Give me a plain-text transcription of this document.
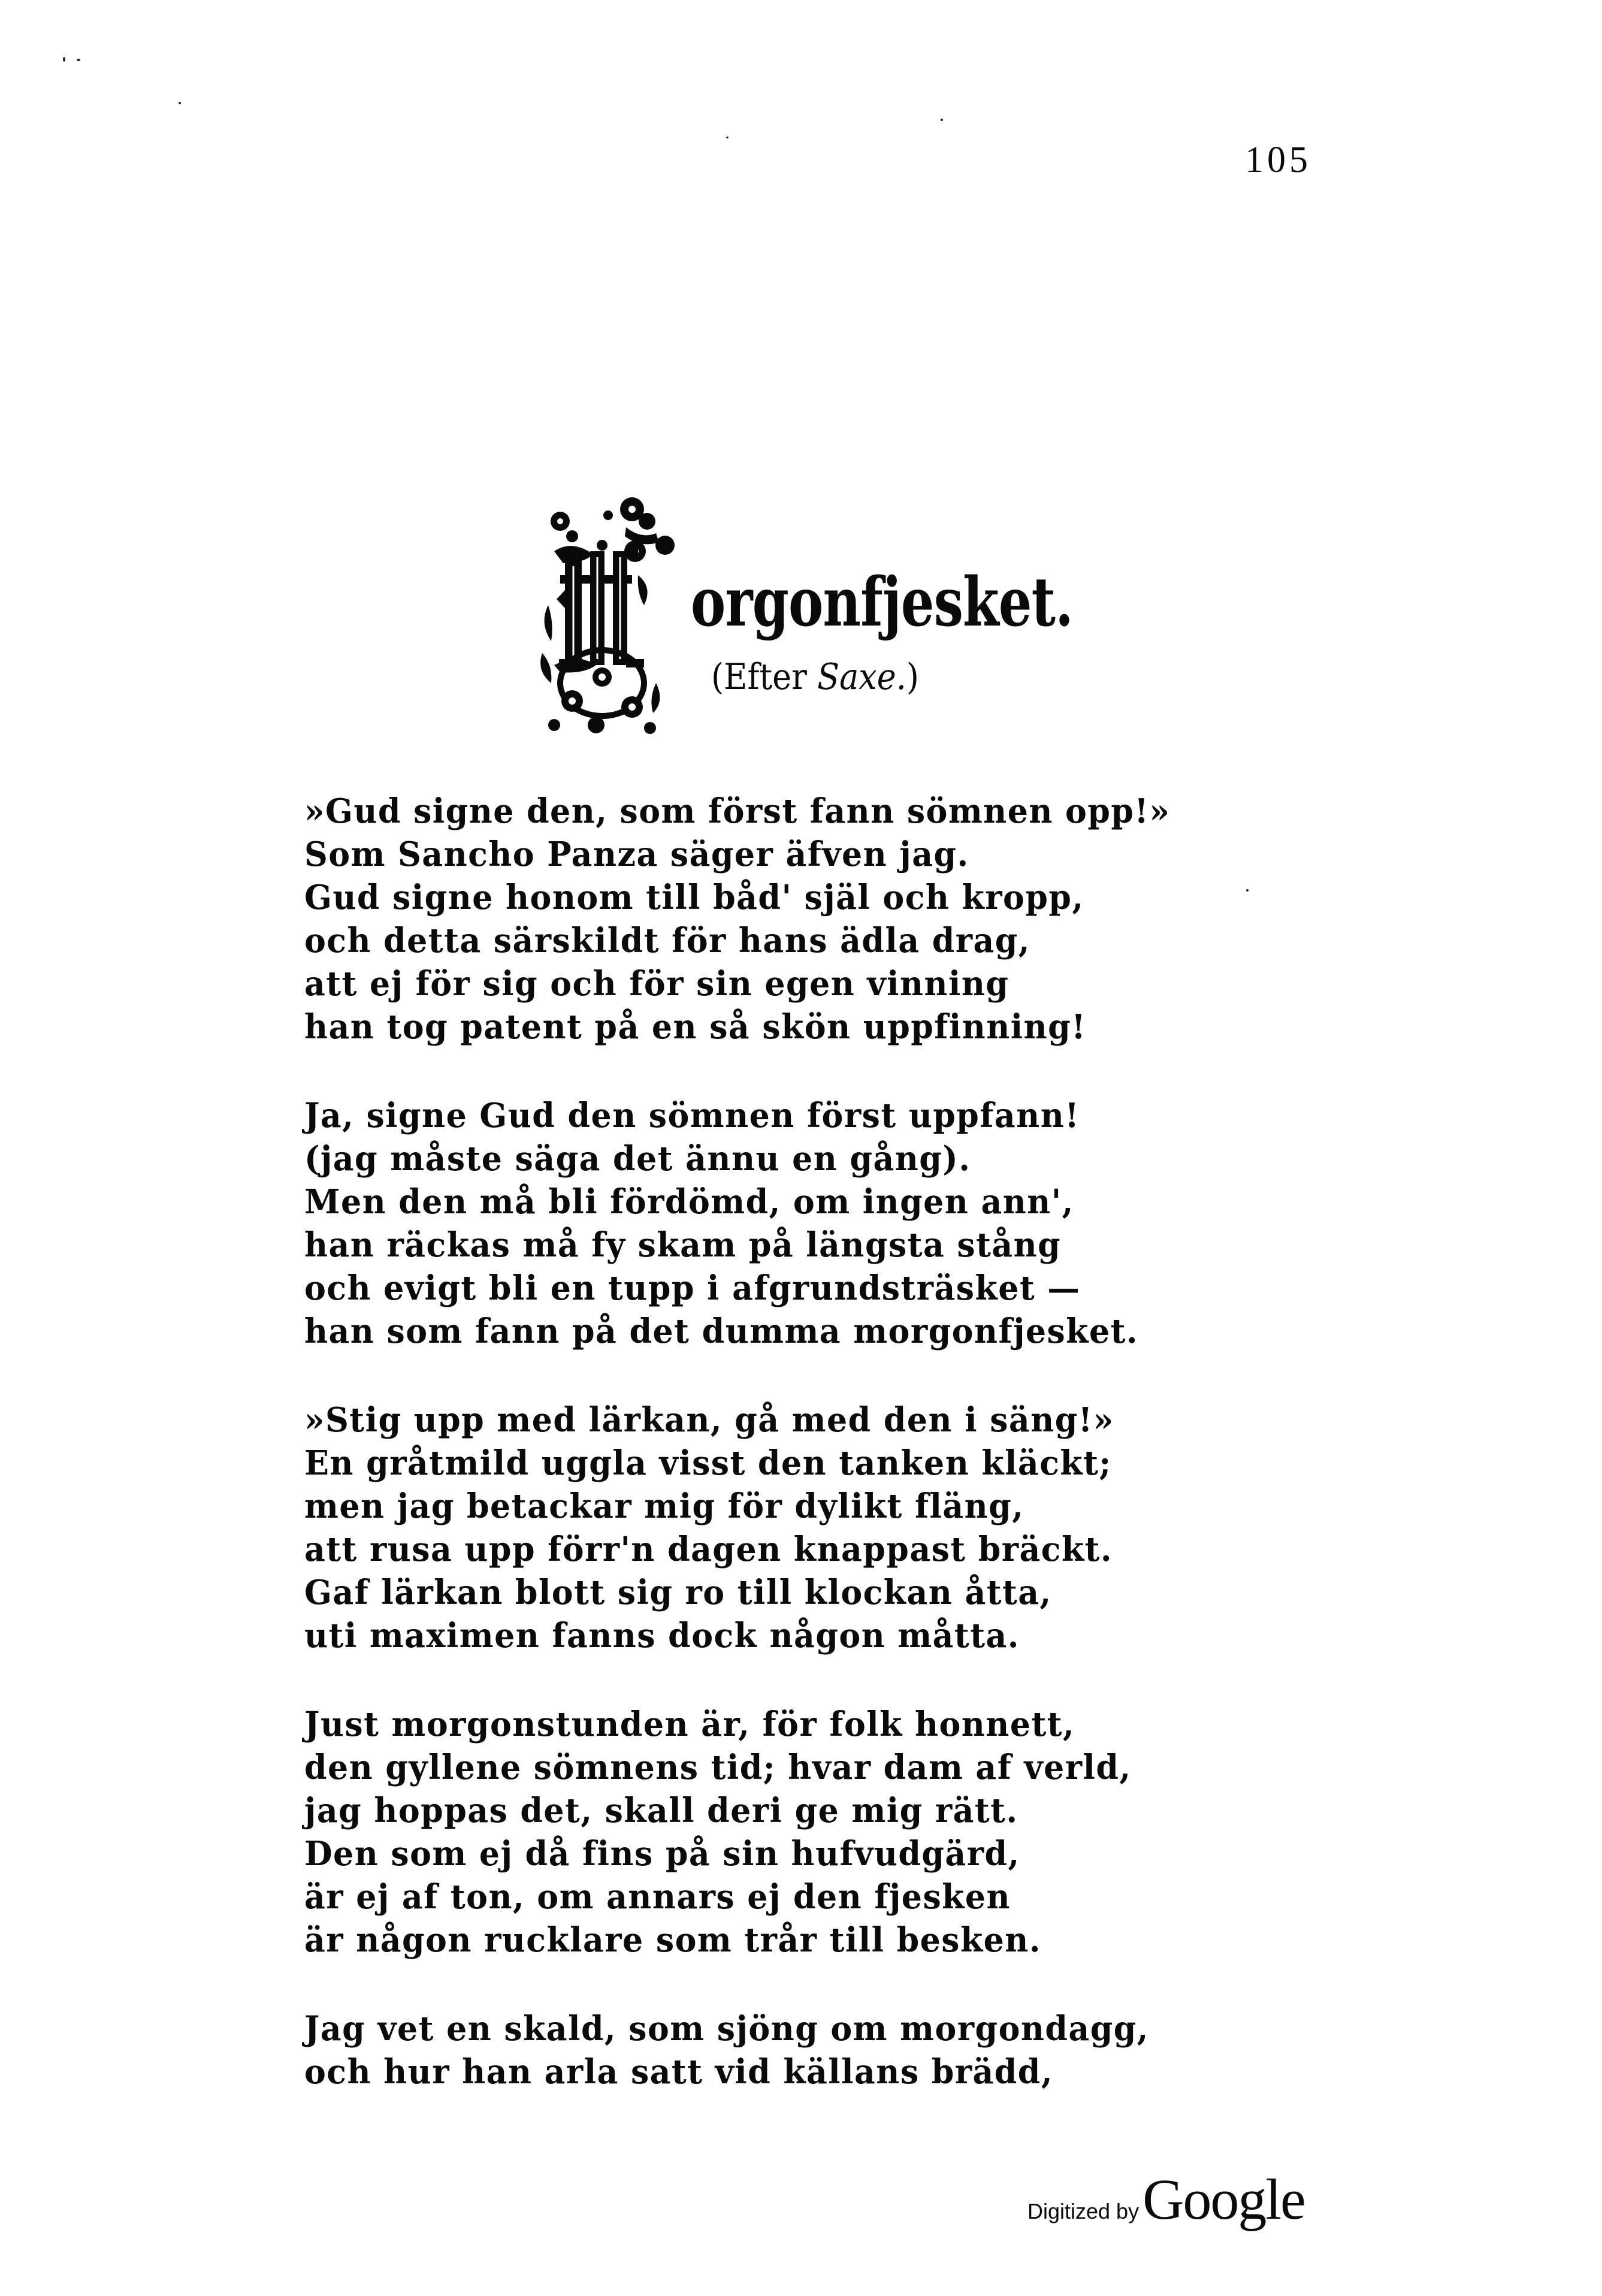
105
orgonfjesket.
(Efter Saxe.)
»Gud signe den, som först fann sömnen opp!»
Som Sancho Panza säger äfven jag.
Gud signe honom till båd' själ och kropp,
och detta särskildt för hans ädla drag,
att ej för sig och för sin egen vinning
han tog patent på en så skön uppfinning!
Ja, signe Gud den sömnen först uppfann!
(jag måste säga det ännu en gång).
Men den må bli fördömd, om ingen ann',
han räckas må fy skam på längsta stång
och evigt bli en tupp i afgrundsträsket —
han som fann på det dumma morgonfjesket.
»Stig upp med lärkan, gå med den i säng!»
En gråtmild uggla visst den tanken kläckt;
men jag betackar mig för dylikt fläng,
att rusa upp förr'n dagen knappast bräckt.
Gaf lärkan blott sig ro till klockan åtta,
uti maximen fanns dock någon måtta.
Just morgonstunden är, för folk honnett,
den gyllene sömnens tid; hvar dam af verld,
jag hoppas det, skall deri ge mig rätt.
Den som ej då fins på sin hufvudgärd,
är ej af ton, om annars ej den fjesken
är någon rucklare som trår till besken.
Jag vet en skald, som sjöng om morgondagg,
och hur han arla satt vid källans brädd,
Digitized by Google
